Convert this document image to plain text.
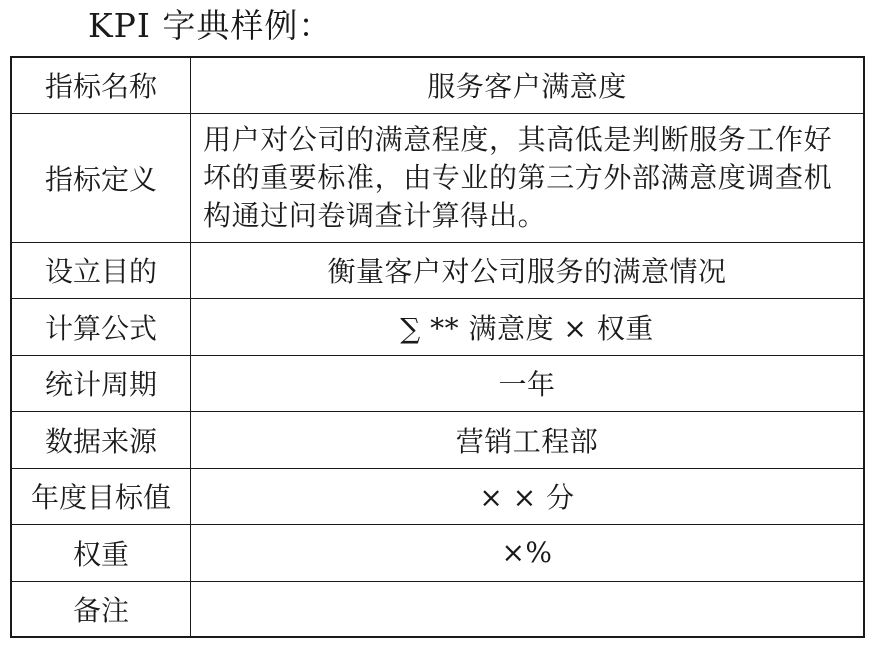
KPI 字典样例：
指标名称	服务客户满意度
指标定义	用户对公司的满意程度，其高低是判断服务工作好坏的重要标准，由专业的第三方外部满意度调查机构通过问卷调查计算得出。
设立目的	衡量客户对公司服务的满意情况
计算公式	∑ ** 满意度 × 权重
统计周期	一年
数据来源	营销工程部
年度目标值	× × 分
权重	×%
备注	
